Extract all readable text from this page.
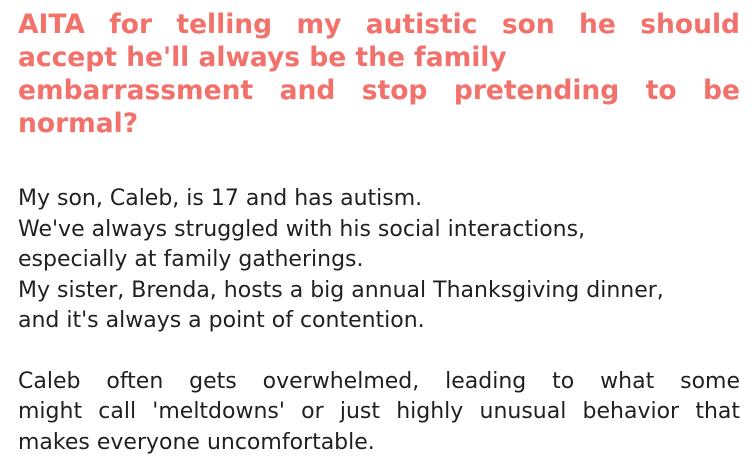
AITA for telling my autistic son he should
accept he'll always be the family
embarrassment and stop pretending to be
normal?

My son, Caleb, is 17 and has autism.
We've always struggled with his social interactions,
especially at family gatherings.
My sister, Brenda, hosts a big annual Thanksgiving dinner,
and it's always a point of contention.

Caleb often gets overwhelmed, leading to what some
might call 'meltdowns' or just highly unusual behavior that
makes everyone uncomfortable.
